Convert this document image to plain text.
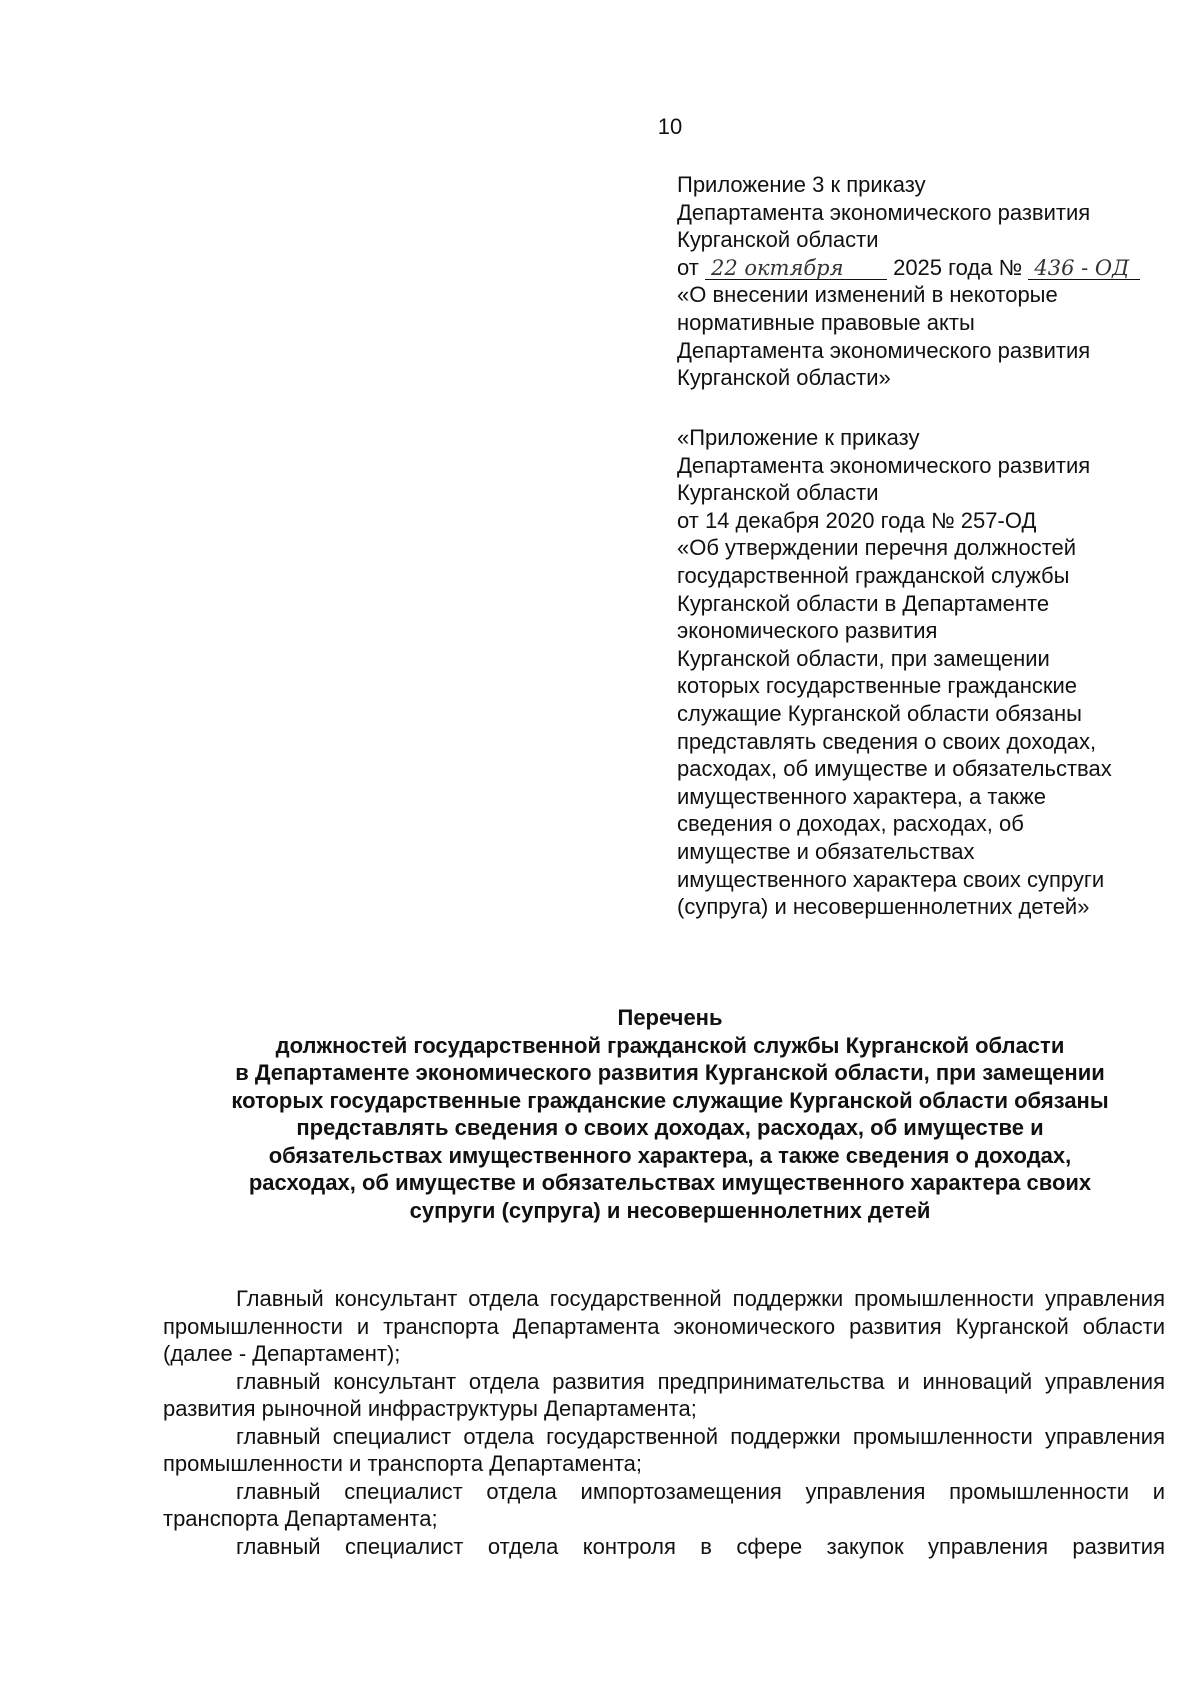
10
Приложение 3 к приказу
Департамента экономического развития
Курганской области
от 22 октября 2025 года № 436 - ОД
«О внесении изменений в некоторые
нормативные правовые акты
Департамента экономического развития
Курганской области»
«Приложение к приказу
Департамента экономического развития
Курганской области
от 14 декабря 2020 года № 257-ОД
«Об утверждении перечня должностей
государственной гражданской службы
Курганской области в Департаменте
экономического развития
Курганской области, при замещении
которых государственные гражданские
служащие Курганской области обязаны
представлять сведения о своих доходах,
расходах, об имуществе и обязательствах
имущественного характера, а также
сведения о доходах, расходах, об
имуществе и обязательствах
имущественного характера своих супруги
(супруга) и несовершеннолетних детей»
Перечень
должностей государственной гражданской службы Курганской области
в Департаменте экономического развития Курганской области, при замещении
которых государственные гражданские служащие Курганской области обязаны
представлять сведения о своих доходах, расходах, об имуществе и
обязательствах имущественного характера, а также сведения о доходах,
расходах, об имуществе и обязательствах имущественного характера своих
супруги (супруга) и несовершеннолетних детей

Главный консультант отдела государственной поддержки промышленности управления промышленности и транспорта Департамента экономического развития Курганской области (далее - Департамент);

главный консультант отдела развития предпринимательства и инноваций управления развития рыночной инфраструктуры Департамента;

главный специалист отдела государственной поддержки промышленности управления промышленности и транспорта Департамента;

главный специалист отдела импортозамещения управления промышленности и транспорта Департамента;

главный специалист отдела контроля в сфере закупок управления развития
